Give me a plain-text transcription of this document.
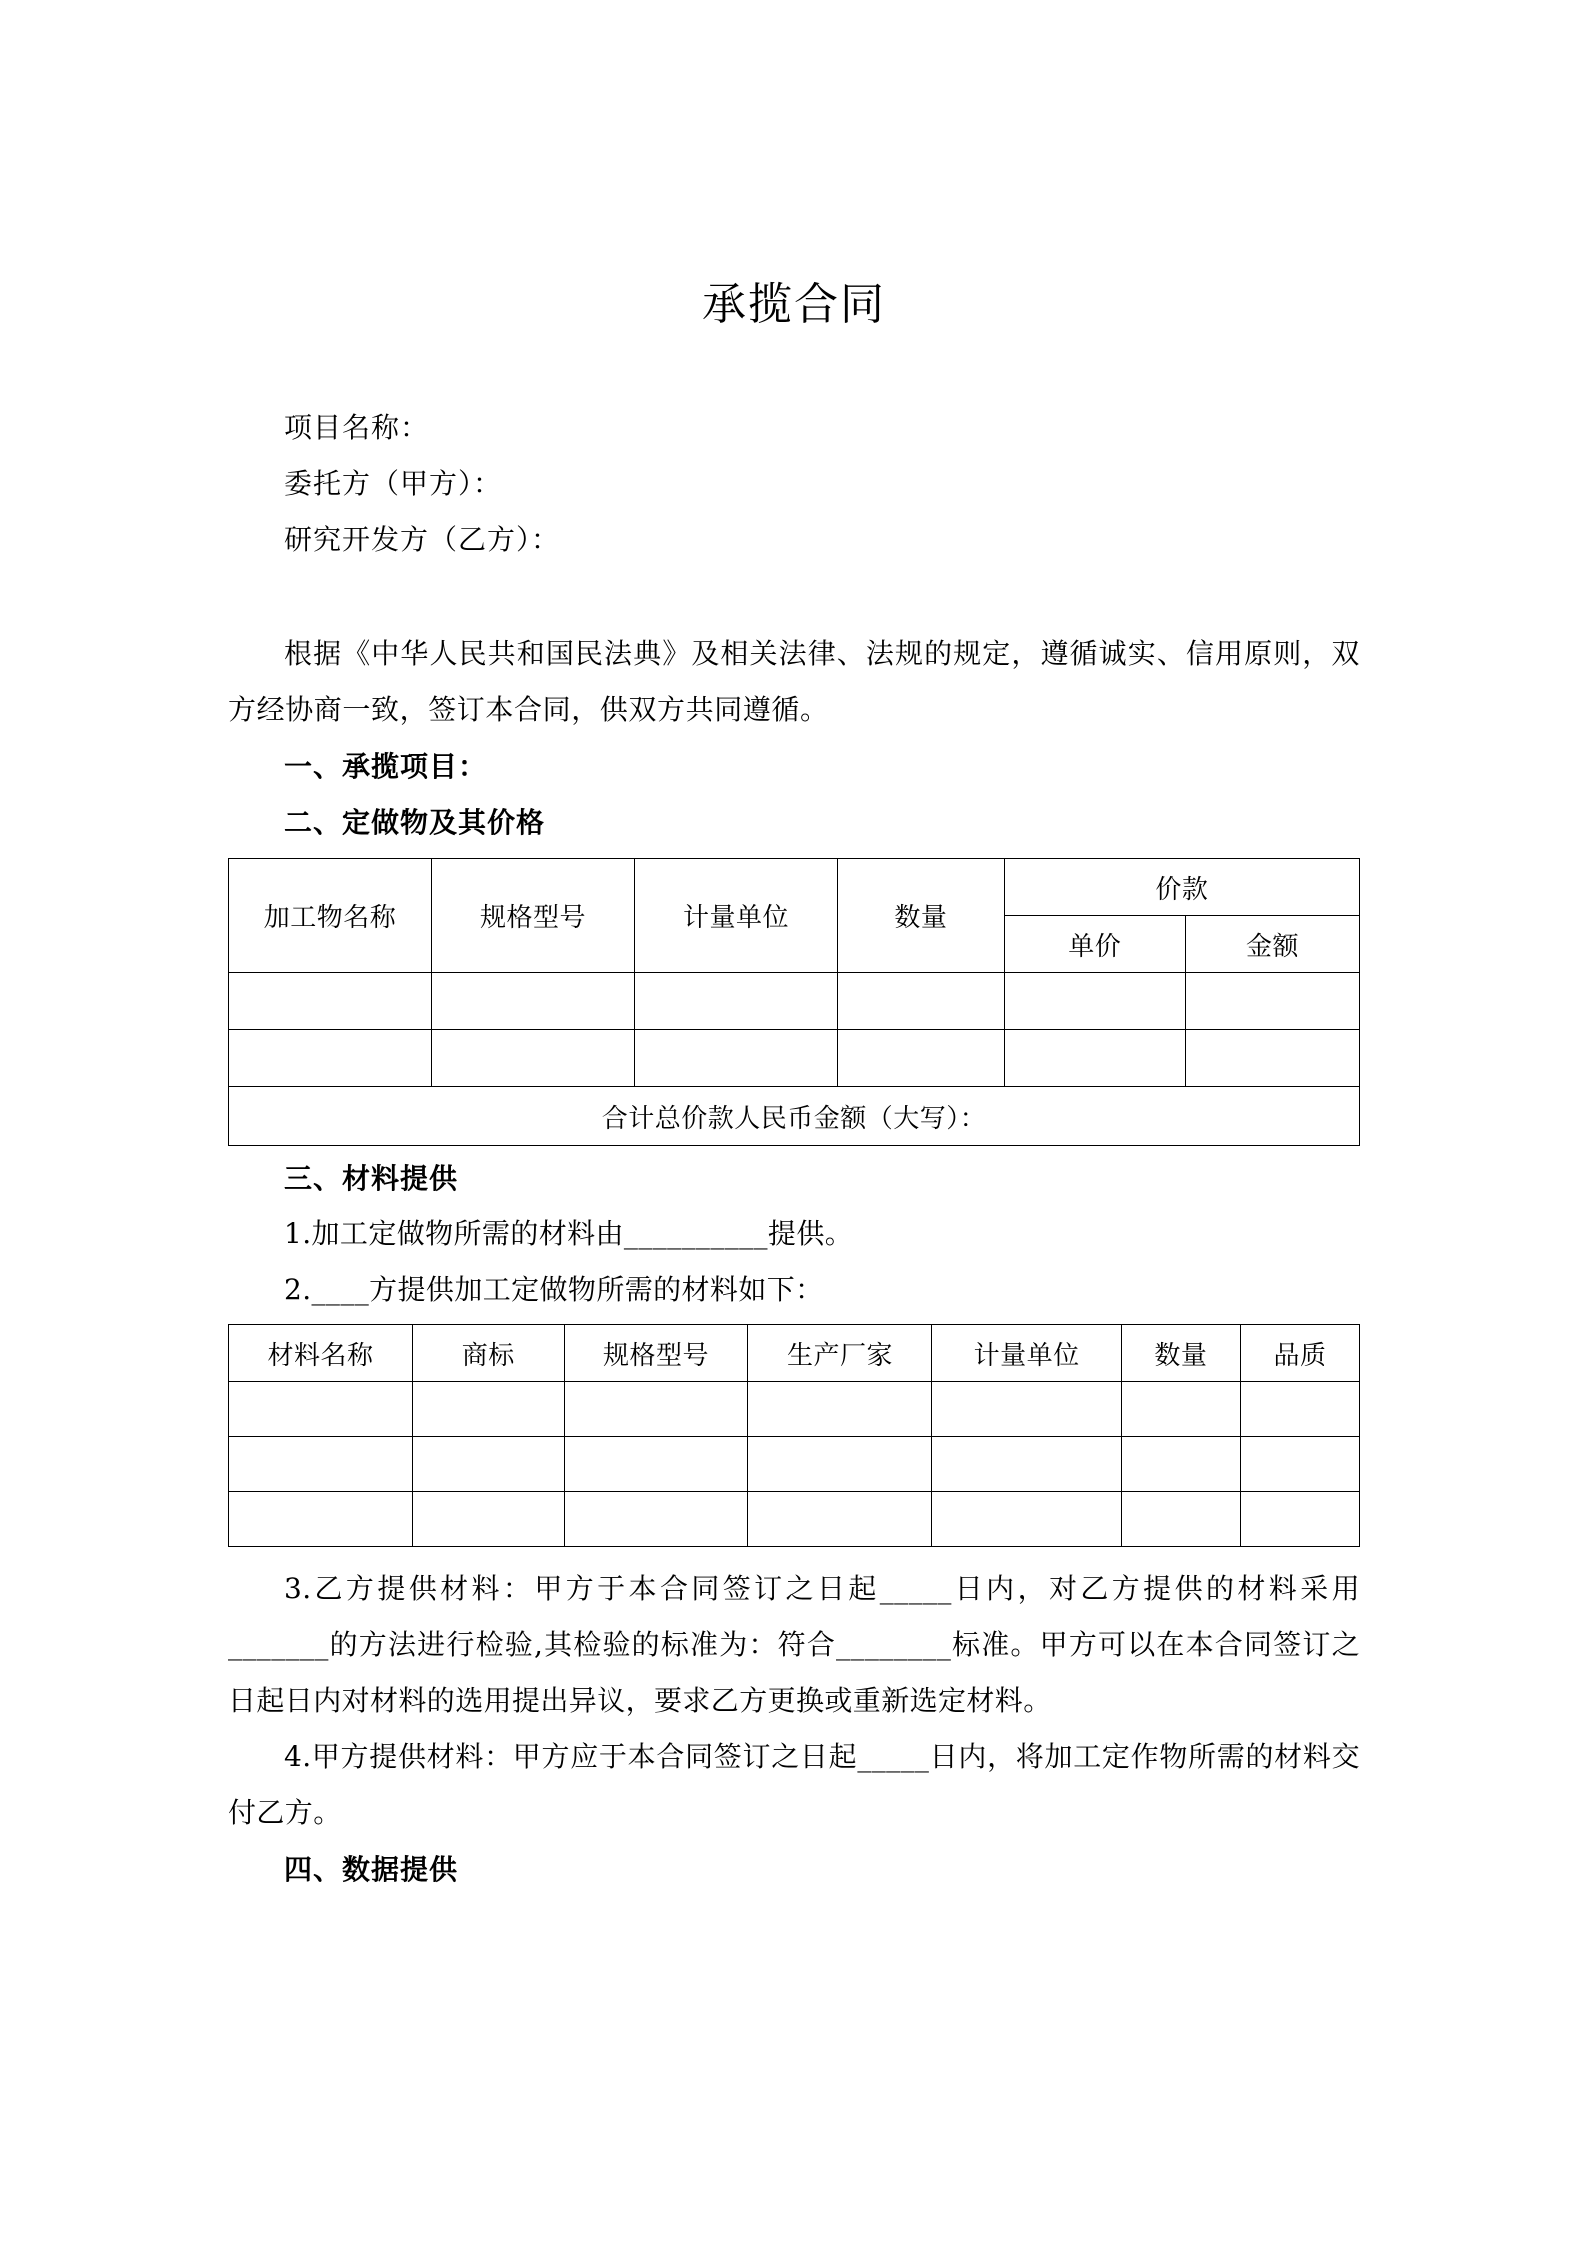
承揽合同
项目名称：
委托方（甲方）：
研究开发方（乙方）：
根据《中华人民共和国民法典》及相关法律、法规的规定，遵循诚实、信用原则，双方经协商一致，签订本合同，供双方共同遵循。
一、承揽项目：
二、定做物及其价格
加工物名称	规格型号	计量单位	数量	价款	
				单价	金额

合计总价款人民币金额（大写）：					
三、材料提供
1.加工定做物所需的材料由__________提供。
2.____方提供加工定做物所需的材料如下：
材料名称	商标	规格型号	生产厂家	计量单位	数量	品质

3.乙方提供材料：甲方于本合同签订之日起_____日内，对乙方提供的材料采用_______的方法进行检验,其检验的标准为：符合________标准。甲方可以在本合同签订之日起日内对材料的选用提出异议，要求乙方更换或重新选定材料。
4.甲方提供材料：甲方应于本合同签订之日起_____日内，将加工定作物所需的材料交付乙方。
四、数据提供
